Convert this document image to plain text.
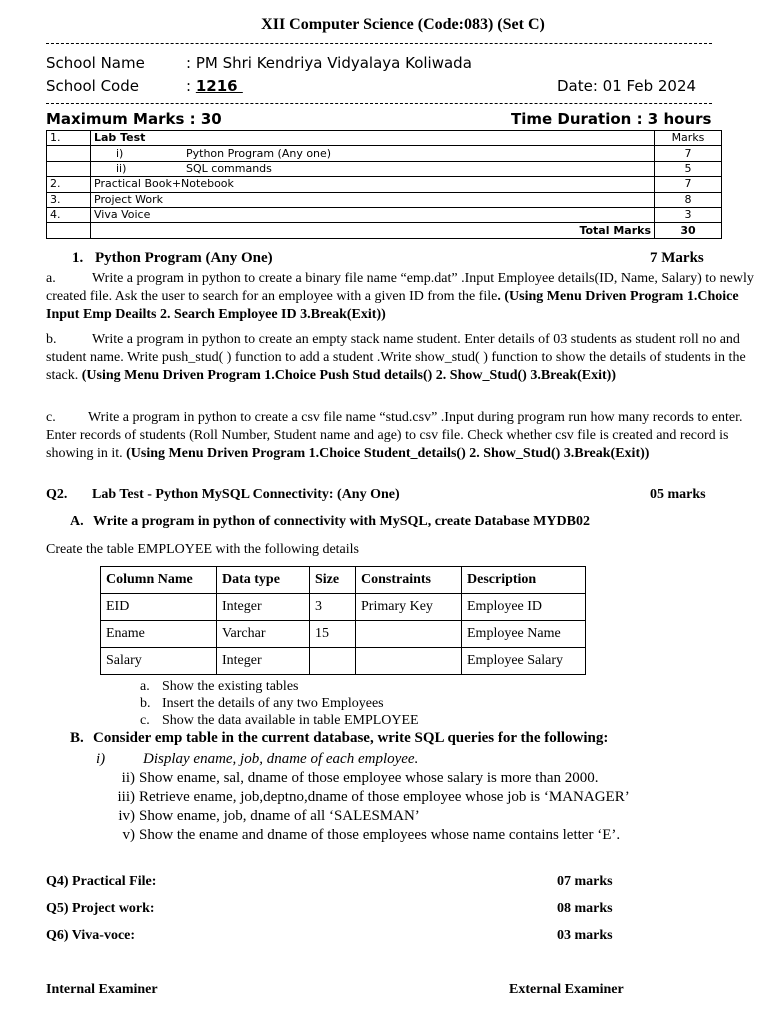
XII Computer Science (Code:083) (Set C)
School Name	: PM Shri Kendriya Vidyalaya Koliwada
School Code	: 1216	Date: 01 Feb 2024
Maximum Marks : 30	Time Duration : 3 hours
1.	Lab Test	Marks
	i) Python Program (Any one)	7
	ii) SQL commands	5
2.	Practical Book+Notebook	7
3.	Project Work	8
4.	Viva Voice	3
	Total Marks	30
1. Python Program (Any One)	7 Marks
a.	Write a program in python to create a binary file name “emp.dat” .Input Employee details(ID, Name, Salary) to newly created file. Ask the user to search for an employee with a given ID from the file. (Using Menu Driven Program 1.Choice Input Emp Deailts 2. Search Employee ID 3.Break(Exit))
b.	Write a program in python to create an empty stack name student. Enter details of 03 students as student roll no and student name. Write push_stud( ) function to add a student .Write show_stud( ) function to show the details of students in the stack. (Using Menu Driven Program 1.Choice Push Stud details() 2. Show_Stud() 3.Break(Exit))
c. Write a program in python to create a csv file name “stud.csv” .Input during program run how many records to enter. Enter records of students (Roll Number, Student name and age) to csv file. Check whether csv file is created and record is showing in it. (Using Menu Driven Program 1.Choice Student_details() 2. Show_Stud() 3.Break(Exit))
Q2. Lab Test - Python MySQL Connectivity: (Any One)	05 marks
A. Write a program in python of connectivity with MySQL, create Database MYDB02
Create the table EMPLOYEE with the following details
Column Name	Data type	Size	Constraints	Description
EID	Integer	3	Primary Key	Employee ID
Ename	Varchar	15		Employee Name
Salary	Integer			Employee Salary
a. Show the existing tables
b. Insert the details of any two Employees
c. Show the data available in table EMPLOYEE
B. Consider emp table in the current database, write SQL queries for the following:
i)	Display ename, job, dname of each employee.
ii) Show ename, sal, dname of those employee whose salary is more than 2000.
iii) Retrieve ename, job,deptno,dname of those employee whose job is ‘MANAGER’
iv) Show ename, job, dname of all ‘SALESMAN’
v) Show the ename and dname of those employees whose name contains letter ‘E’.
Q4) Practical File:	07 marks
Q5) Project work:	08 marks
Q6) Viva-voce:	03 marks
Internal Examiner	External Examiner
